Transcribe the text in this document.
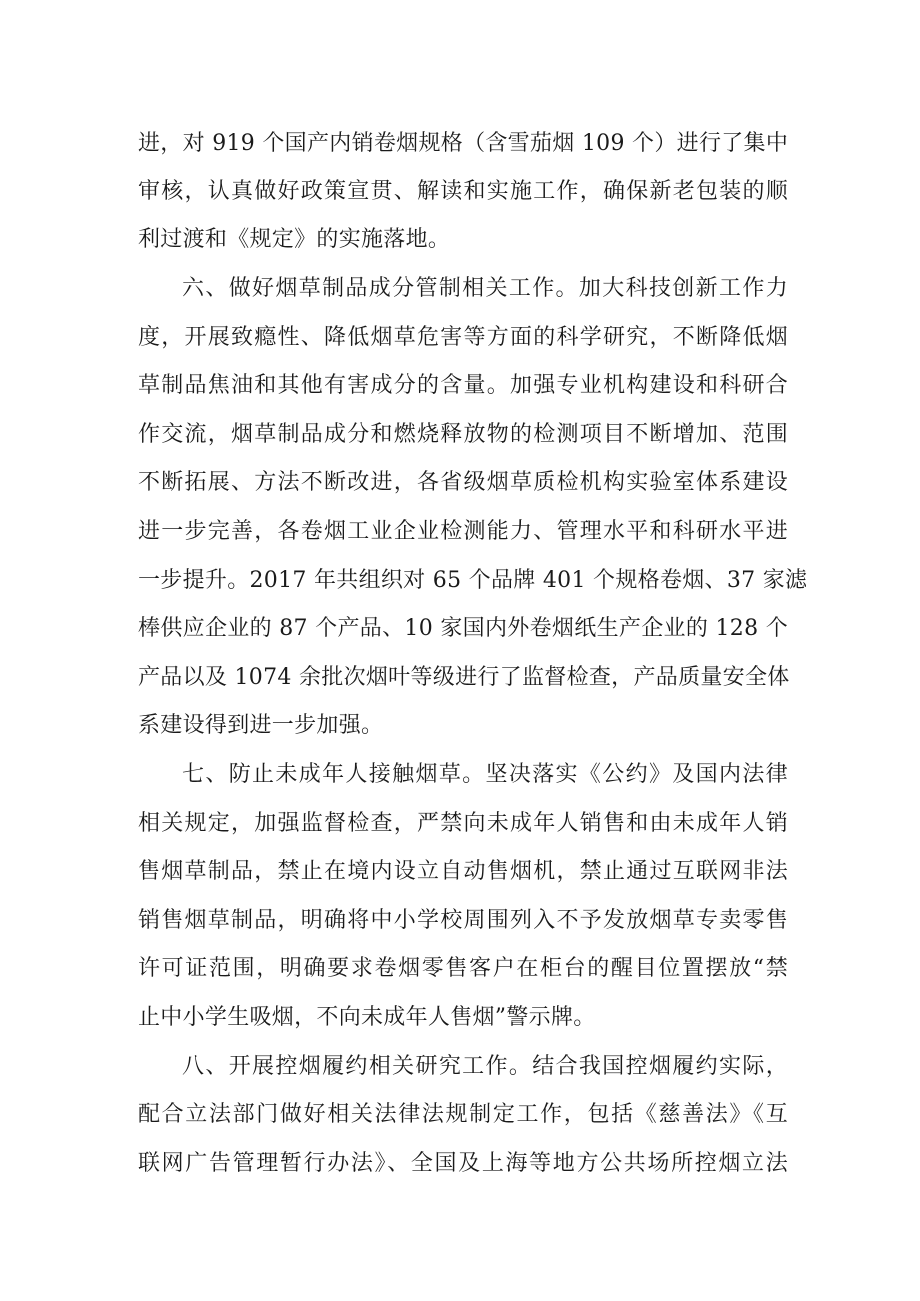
进，对 919 个国产内销卷烟规格（含雪茄烟 109 个）进行了集中

审核，认真做好政策宣贯、解读和实施工作，确保新老包装的顺

利过渡和《规定》的实施落地。

六、做好烟草制品成分管制相关工作。加大科技创新工作力

度，开展致瘾性、降低烟草危害等方面的科学研究，不断降低烟

草制品焦油和其他有害成分的含量。加强专业机构建设和科研合

作交流，烟草制品成分和燃烧释放物的检测项目不断增加、范围

不断拓展、方法不断改进，各省级烟草质检机构实验室体系建设

进一步完善，各卷烟工业企业检测能力、管理水平和科研水平进

一步提升。2017 年共组织对 65 个品牌 401 个规格卷烟、37 家滤

棒供应企业的 87 个产品、10 家国内外卷烟纸生产企业的 128 个

产品以及 1074 余批次烟叶等级进行了监督检查，产品质量安全体

系建设得到进一步加强。

七、防止未成年人接触烟草。坚决落实《公约》及国内法律

相关规定，加强监督检查，严禁向未成年人销售和由未成年人销

售烟草制品，禁止在境内设立自动售烟机，禁止通过互联网非法

销售烟草制品，明确将中小学校周围列入不予发放烟草专卖零售

许可证范围，明确要求卷烟零售客户在柜台的醒目位置摆放“禁

止中小学生吸烟，不向未成年人售烟”警示牌。

八、开展控烟履约相关研究工作。结合我国控烟履约实际，

配合立法部门做好相关法律法规制定工作，包括《慈善法》《互

联网广告管理暂行办法》、全国及上海等地方公共场所控烟立法
